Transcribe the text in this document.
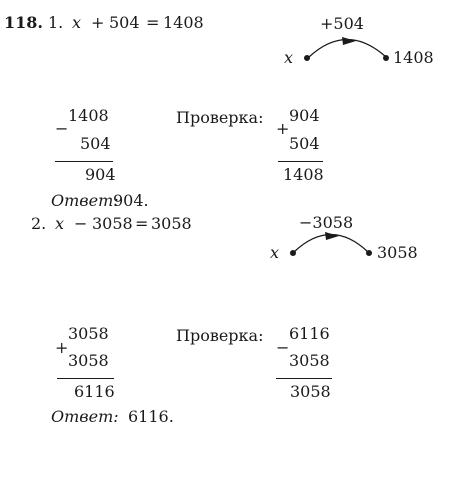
118. 1. x + 504 = 1408	+504
x	1408
−
1408
504
904
Проверка:
+
904
504
1408
Ответ:
904.
2. x − 3058 = 3058	−3058
x	3058
+
3058
3058
6116
Проверка:
−
6116
3058
3058
Ответ: 6116.
